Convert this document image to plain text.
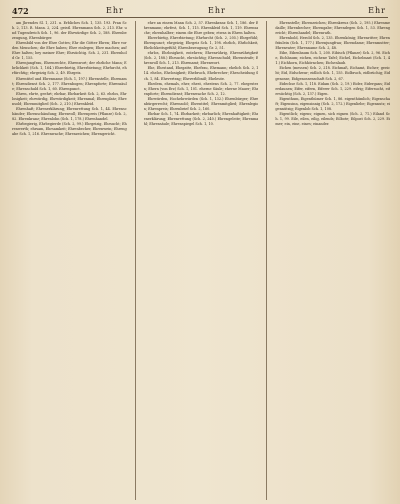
472	Ehr	Ehr	Ehr

am Jhrendes Sl. 1, 231. u. Erbliches Sch. 1, 135. 193. Fran Sch. 2, 113. R. Mann. 2, 224. geistl. Ehrenmann Sch. 2, 213. Ehr. und Tugendreich Sch. 1, 96. der Ehrwürdige Sch. 2, 188. Ehrenbezeugung, Ehrenbürger.

Ehrenbild von der Ehre Gottes; Ehr die Götter Ehren; Ehre vor den Menschen; die Ehre haben; Ehre einlegen; Ehre machen; auf Ehre halten; bey meiner Ehre; Ehrsüchtig. Sch. 2, 231. Ehrenhold Gr. 1, 155.

Ehrenjungfrau, Ehrenrechte, Ehrenwort; der ehrliche Mann; Ehrlichkeit (Sch. 1, 164.) Ehrerbietig, Ehrerbietung; Ehrfurcht, ehrfürchtig; ehrgeizig Sch. 2, 49. Ehrgeiz.

Ehrentitel und Ehrenname (Sch. 1, 197.) Ehrenstelle, Ehrenamt; Ehrendienst Sch. 2, 177. Ehrenbogen; Ehrenpforte; Ehrensäule; Ehrenschuld Sch. 1, 60. Ehrenpunct.

Ehren, ehrte, geehrt; ehrbar, Ehrbarkeit Sch. 2, 63. ehrlos, Ehrlosigkeit; ehrwürdig, Ehrwürdigkeit; Ehrenmal; Ehrenplatz; Ehrensold; Ehrenmitglied (Sch. 2, 210.) Ehrenkleid.

Ehrenhaft; Ehrenerklärung; Ehrenrettung Sch. 1, 44. Ehrenschänder; Ehrenschändung; Ehrenvoll; Ehrenpreis (Pflanze) Sch. 2, 82. Ehrenkranz; Ehrenlohn (Sch. 1, 178.) Ehrenhandel.

Ehrbegierig, Ehrbegierde (Sch. 2, 99.) Ehrgeizig, Ehrsucht; Ehrenwerth; ehrsam, Ehrsamkeit; Ehrenbecher, Ehrenwein; Ehrengabe Sch. 1, 216. Ehrenwache; Ehrenzeichen; Ehrengericht.

ehre an einem Mann Sch. 2, 57. Ehrenkranz Sch. 1, 186. der Ehrenmann; ehrfest, Sch. 1, 115. Ehrenkleid Sch. 1, 119. Ehrensache; ehrenhalber; einem die Ehre geben; etwas in Ehren halten.

Ehrerbietig, Ehrerbietung; Ehrfurcht (Sch. 2, 205.) Ehrgefühl; Ehrenpunct; ehrgeizig; Ehrgeiz Sch. 1, 198. ehrlich, Ehrlichkeit, Ehrlichkeitsgefühl; Ehrenbezeugung Gr. 2, 51.

ehrlos, Ehrlosigkeit, entehren; Ehrenrührig, Ehrenrührigkeit (Sch. 2, 188.) Ehrsucht, ehrsüchtig; Ehrenschuld; Ehrenstrafe; Ehrenvoll Sch. 1, 213. Ehrenamt; Ehrenwort.

Ehe, Ehestand, Ehegatte, Ehefrau, Ehemann; ehelich Sch. 2, 114. ehelos, Ehelosigkeit; Ehebruch, Ehebrecher; Ehescheidung Sch. 1, 84. Ehevertrag; Eheverlöbniß; Eheleute.

Ehedem, ehemals, eher, ehest, ehestens Sch. 2, 77. ehegestern; Ehern (von Erz) Sch. 1, 101. eherne Säule; eherne Mauer; Ehrenpforte; Ehrendienst; Ehrenwache Sch. 2, 12.

Ehrwürden, Hochehrwürden (Sch. 1, 132.) Ehrenbürger; Ehrenbürgerrecht; Ehrensold; Ehrentitel; Ehrenmitglied; Ehrenlegion; Ehrenpreis; Ehrenbrief Sch. 2, 160.

Ehrbar Sch. 1, 74. Ehrbarkeit; ehrbarlich; Ehrenhaftigkeit; Ehrenerklärung; Ehrenrettung (Sch. 2, 240.) Ehrengeleite; Ehrenmahl; Ehrensäule; Ehrenspiegel Sch. 1, 10.

Ehrenstelle; Ehrenzeichen; Ehrenkreuz (Sch. 2, 195.) Ehrenmedaille; Ehrenbecher; Ehrengabe; Ehrendegen Sch. 1, 53. Ehrengericht; Ehrenhandel; Ehrenrath.

Ehrenhold, Herold Sch. 2, 135. Ehrenkönig; Ehrenritter; Ehrenfräulein (Sch. 1, 177.) Ehrenjungfrau; Ehrendame; Ehrenmutter; Ehrenvater; Ehrenname Sch. 2, 48.

Eibe, Eibenbaum Sch. 1, 200. Eibisch (Pflanze) Sch. 2, 96. Eiche, Eichbaum; eichen, eichene Tafel; Eichel, Eichelmast (Sch. 1, 41.) Eichhorn, Eichhörnchen; Eichenlaub.

Eichen (messen) Sch. 2, 218. Eichmaß, Eichamt, Eicher; geeicht; Eid, Eidschwur; eidlich Sch. 1, 155. Eidbruch, eidbrüchig; Eidgenosse, Eidgenossenschaft Sch. 2, 67.

Eidechse Sch. 1, 118. Eidam (Sch. 2, 19.) Eider, Eidergans; Eiderdaunen; Eifer, eifern, Eiferer Sch. 1, 229. eifrig; Eifersucht, eifersüchtig (Sch. 2, 137.) Eigen.

Eigenthum, Eigenthümer Sch. 1, 86. eigenthümlich; Eigenschaft; Eigensinn, eigensinnig (Sch. 2, 172.) Eigenliebe; Eigennutz; eigennützig; Eigenlob Sch. 1, 108.

Eigentlich; eigens; eignen, sich eignen (Sch. 2, 71.) Eiland Sch. 1, 99. Eile, eilen, eilig, eilends; Eilbote; Eilpost Sch. 2, 229. Eimer; ein, eine, eines; einander.
